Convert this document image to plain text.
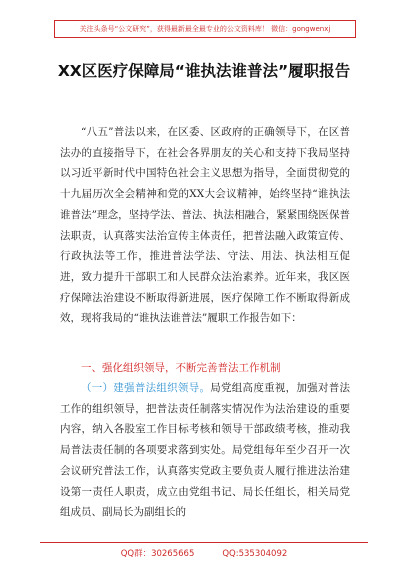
关注头条号“公文研究”，获得最新最全最专业的公文资料库！ 微信：gongwenxj
XX区医疗保障局“谁执法谁普法”履职报告

“八五”普法以来，在区委、区政府的正确领导下，在区普法办的直接指导下，在社会各界朋友的关心和支持下我局坚持以习近平新时代中国特色社会主义思想为指导，全面贯彻党的十九届历次全会精神和党的XX大会议精神，始终坚持“谁执法谁普法”理念，坚持学法、普法、执法相融合，紧紧围绕医保普法职责，认真落实法治宣传主体责任，把普法融入政策宣传、行政执法等工作，推进普法学法、守法、用法、执法相互促进，致力提升干部职工和人民群众法治素养。近年来，我区医疗保障法治建设不断取得新进展，医疗保障工作不断取得新成效，现将我局的“谁执法谁普法”履职工作报告如下：

一、强化组织领导，不断完善普法工作机制

（一）建强普法组织领导。局党组高度重视，加强对普法工作的组织领导，把普法责任制落实情况作为法治建设的重要内容，纳入各股室工作目标考核和领导干部政绩考核，推动我局普法责任制的各项要求落到实处。局党组每年至少召开一次会议研究普法工作，认真落实党政主要负责人履行推进法治建设第一责任人职责，成立由党组书记、局长任组长，相关局党组成员、副局长为副组长的

QQ群：30265665	QQ:535304092
